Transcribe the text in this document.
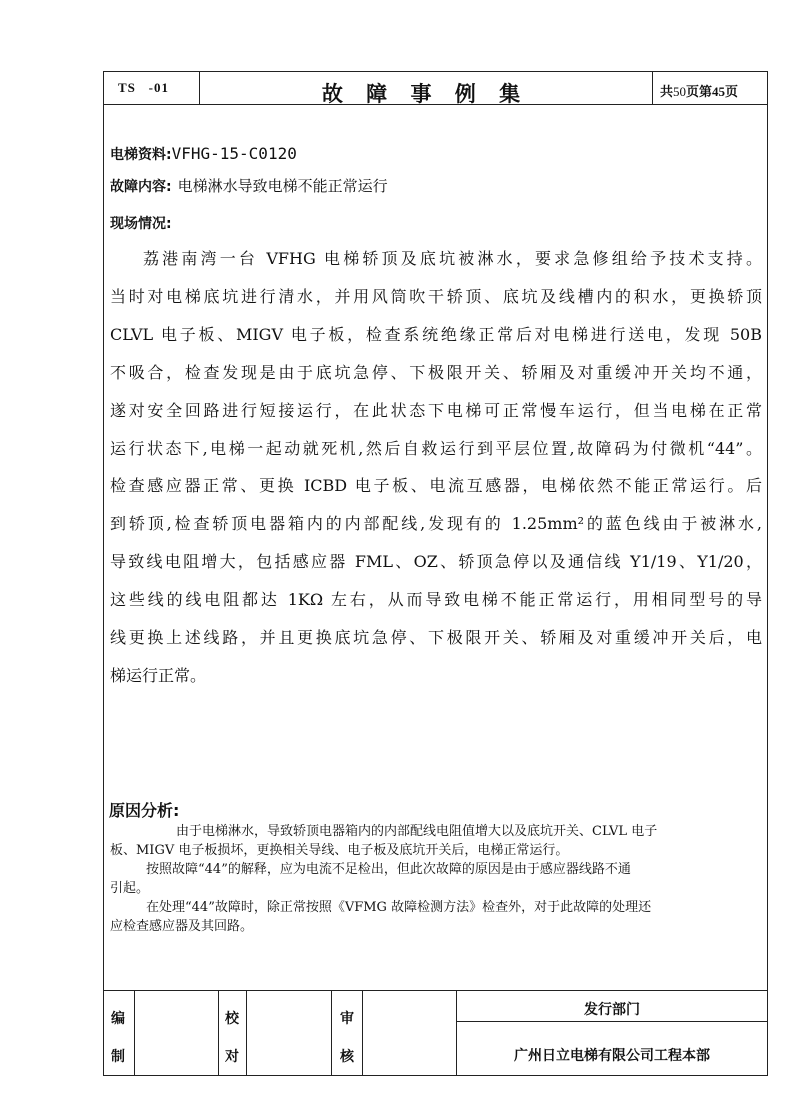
TS   -01	故 障 事 例 集	共50页第45页
电梯资料:VFHG-15-C0120
故障内容: 电梯淋水导致电梯不能正常运行
现场情况:

荔港南湾一台 VFHG 电梯轿顶及底坑被淋水，要求急修组给予技术支持。

当时对电梯底坑进行清水，并用风筒吹干轿顶、底坑及线槽内的积水，更换轿顶

CLVL 电子板、MIGV 电子板，检查系统绝缘正常后对电梯进行送电，发现 50B

不吸合，检查发现是由于底坑急停、下极限开关、轿厢及对重缓冲开关均不通，

遂对安全回路进行短接运行，在此状态下电梯可正常慢车运行，但当电梯在正常

运行状态下,电梯一起动就死机,然后自救运行到平层位置,故障码为付微机“44”。

检查感应器正常、更换 ICBD 电子板、电流互感器，电梯依然不能正常运行。后

到轿顶,检查轿顶电器箱内的内部配线,发现有的 1.25mm²的蓝色线由于被淋水,

导致线电阻增大，包括感应器 FML、OZ、轿顶急停以及通信线 Y1/19、Y1/20，

这些线的线电阻都达 1KΩ 左右，从而导致电梯不能正常运行，用相同型号的导

线更换上述线路，并且更换底坑急停、下极限开关、轿厢及对重缓冲开关后，电

梯运行正常。

原因分析:

由于电梯淋水，导致轿顶电器箱内的内部配线电阻值增大以及底坑开关、CLVL 电子

板、MIGV 电子板损坏，更换相关导线、电子板及底坑开关后，电梯正常运行。

按照故障“44”的解释，应为电流不足检出，但此次故障的原因是由于感应器线路不通

引起。

在处理“44”故障时，除正常按照《VFMG 故障检测方法》检查外，对于此故障的处理还

应检查感应器及其回路。

编
制
校
对
审
核
发行部门
广州日立电梯有限公司工程本部
